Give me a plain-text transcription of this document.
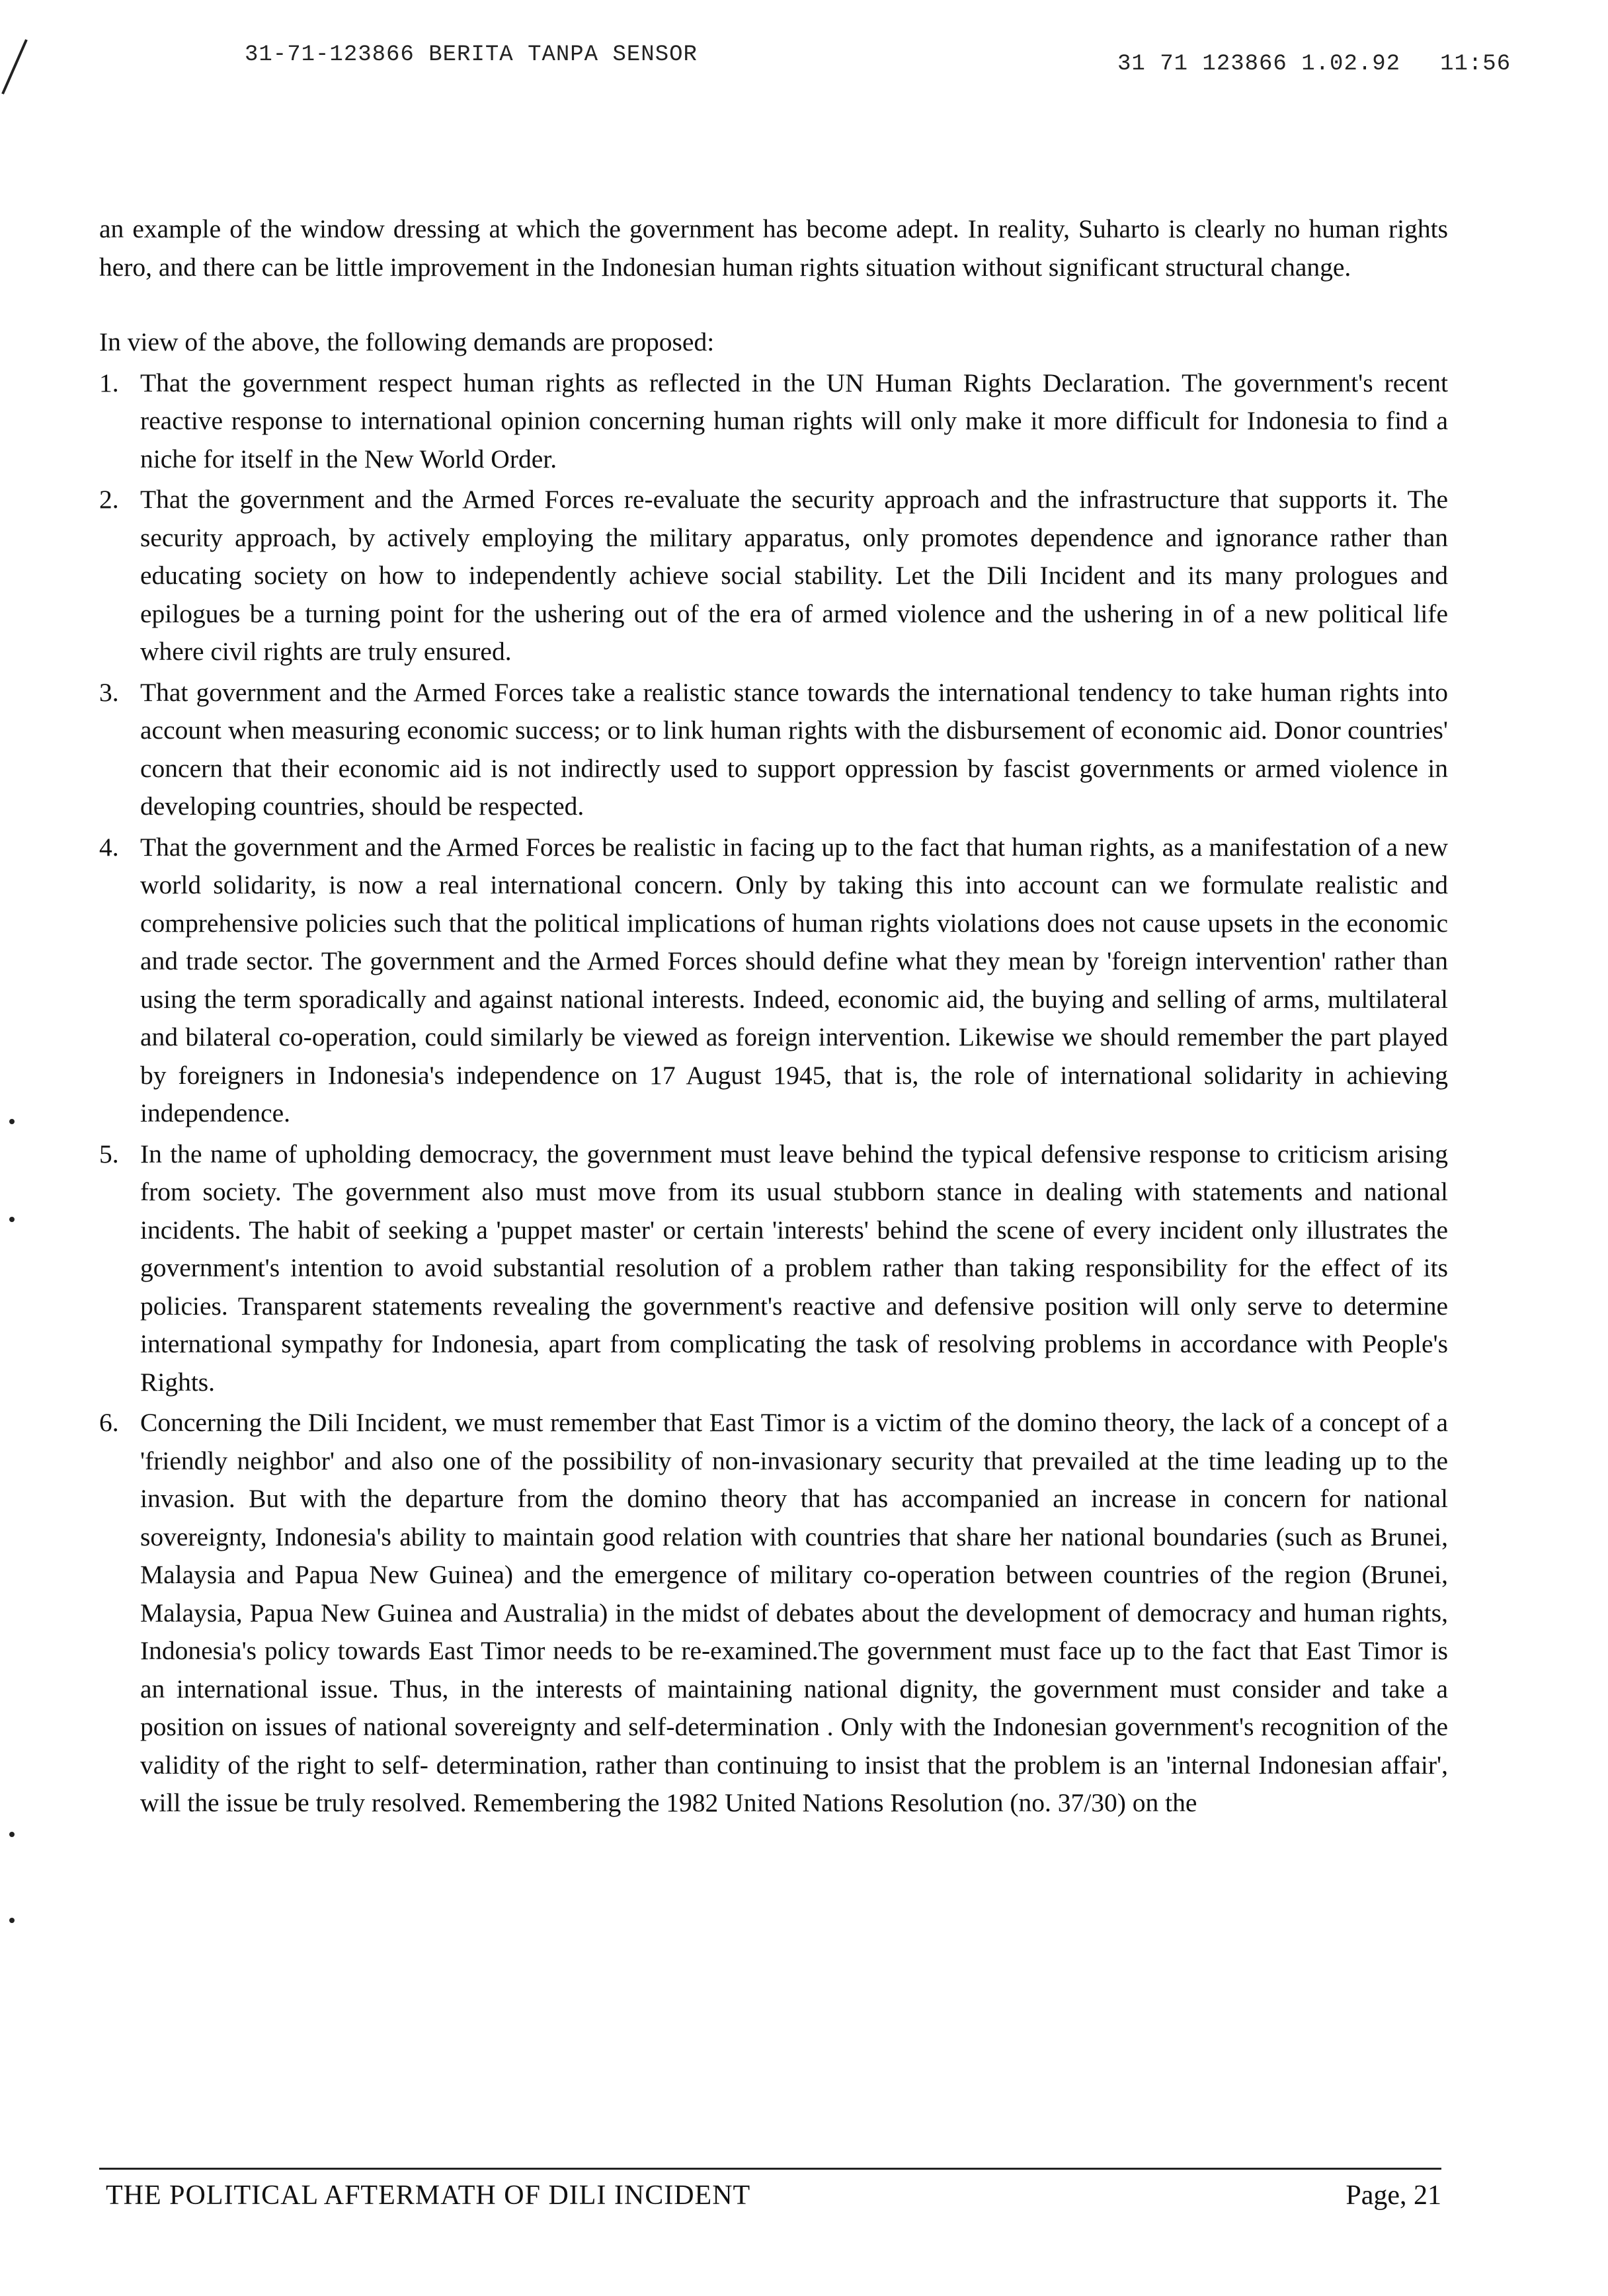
31-71-123866 BERITA TANPA SENSOR	31 71 123866 1.02.92 11:56

an example of the window dressing at which the government has become adept. In reality, Suharto is clearly no human rights hero, and there can be little improvement in the Indonesian human rights situation without significant structural change.

In view of the above, the following demands are proposed:

1. That the government respect human rights as reflected in the UN Human Rights Declaration. The government's recent reactive response to international opinion concerning human rights will only make it more difficult for Indonesia to find a niche for itself in the New World Order.
2. That the government and the Armed Forces re-evaluate the security approach and the infrastructure that supports it. The security approach, by actively employing the military apparatus, only promotes dependence and ignorance rather than educating society on how to independently achieve social stability. Let the Dili Incident and its many prologues and epilogues be a turning point for the ushering out of the era of armed violence and the ushering in of a new political life where civil rights are truly ensured.
3. That government and the Armed Forces take a realistic stance towards the international tendency to take human rights into account when measuring economic success; or to link human rights with the disbursement of economic aid. Donor countries' concern that their economic aid is not indirectly used to support oppression by fascist governments or armed violence in developing countries, should be respected.
4. That the government and the Armed Forces be realistic in facing up to the fact that human rights, as a manifestation of a new world solidarity, is now a real international concern. Only by taking this into account can we formulate realistic and comprehensive policies such that the political implications of human rights violations does not cause upsets in the economic and trade sector. The government and the Armed Forces should define what they mean by 'foreign intervention' rather than using the term sporadically and against national interests. Indeed, economic aid, the buying and selling of arms, multilateral and bilateral co-operation, could similarly be viewed as foreign intervention. Likewise we should remember the part played by foreigners in Indonesia's independence on 17 August 1945, that is, the role of international solidarity in achieving independence.
5. In the name of upholding democracy, the government must leave behind the typical defensive response to criticism arising from society. The government also must move from its usual stubborn stance in dealing with statements and national incidents. The habit of seeking a 'puppet master' or certain 'interests' behind the scene of every incident only illustrates the government's intention to avoid substantial resolution of a problem rather than taking responsibility for the effect of its policies. Transparent statements revealing the government's reactive and defensive position will only serve to determine international sympathy for Indonesia, apart from complicating the task of resolving problems in accordance with People's Rights.
6. Concerning the Dili Incident, we must remember that East Timor is a victim of the domino theory, the lack of a concept of a 'friendly neighbor' and also one of the possibility of non-invasionary security that prevailed at the time leading up to the invasion. But with the departure from the domino theory that has accompanied an increase in concern for national sovereignty, Indonesia's ability to maintain good relation with countries that share her national boundaries (such as Brunei, Malaysia and Papua New Guinea) and the emergence of military co-operation between countries of the region (Brunei, Malaysia, Papua New Guinea and Australia) in the midst of debates about the development of democracy and human rights, Indonesia's policy towards East Timor needs to be re-examined.The government must face up to the fact that East Timor is an international issue. Thus, in the interests of maintaining national dignity, the government must consider and take a position on issues of national sovereignty and self-determination . Only with the Indonesian government's recognition of the validity of the right to self- determination, rather than continuing to insist that the problem is an 'internal Indonesian affair', will the issue be truly resolved. Remembering the 1982 United Nations Resolution (no. 37/30) on the
THE POLITICAL AFTERMATH OF DILI INCIDENT	Page, 21
